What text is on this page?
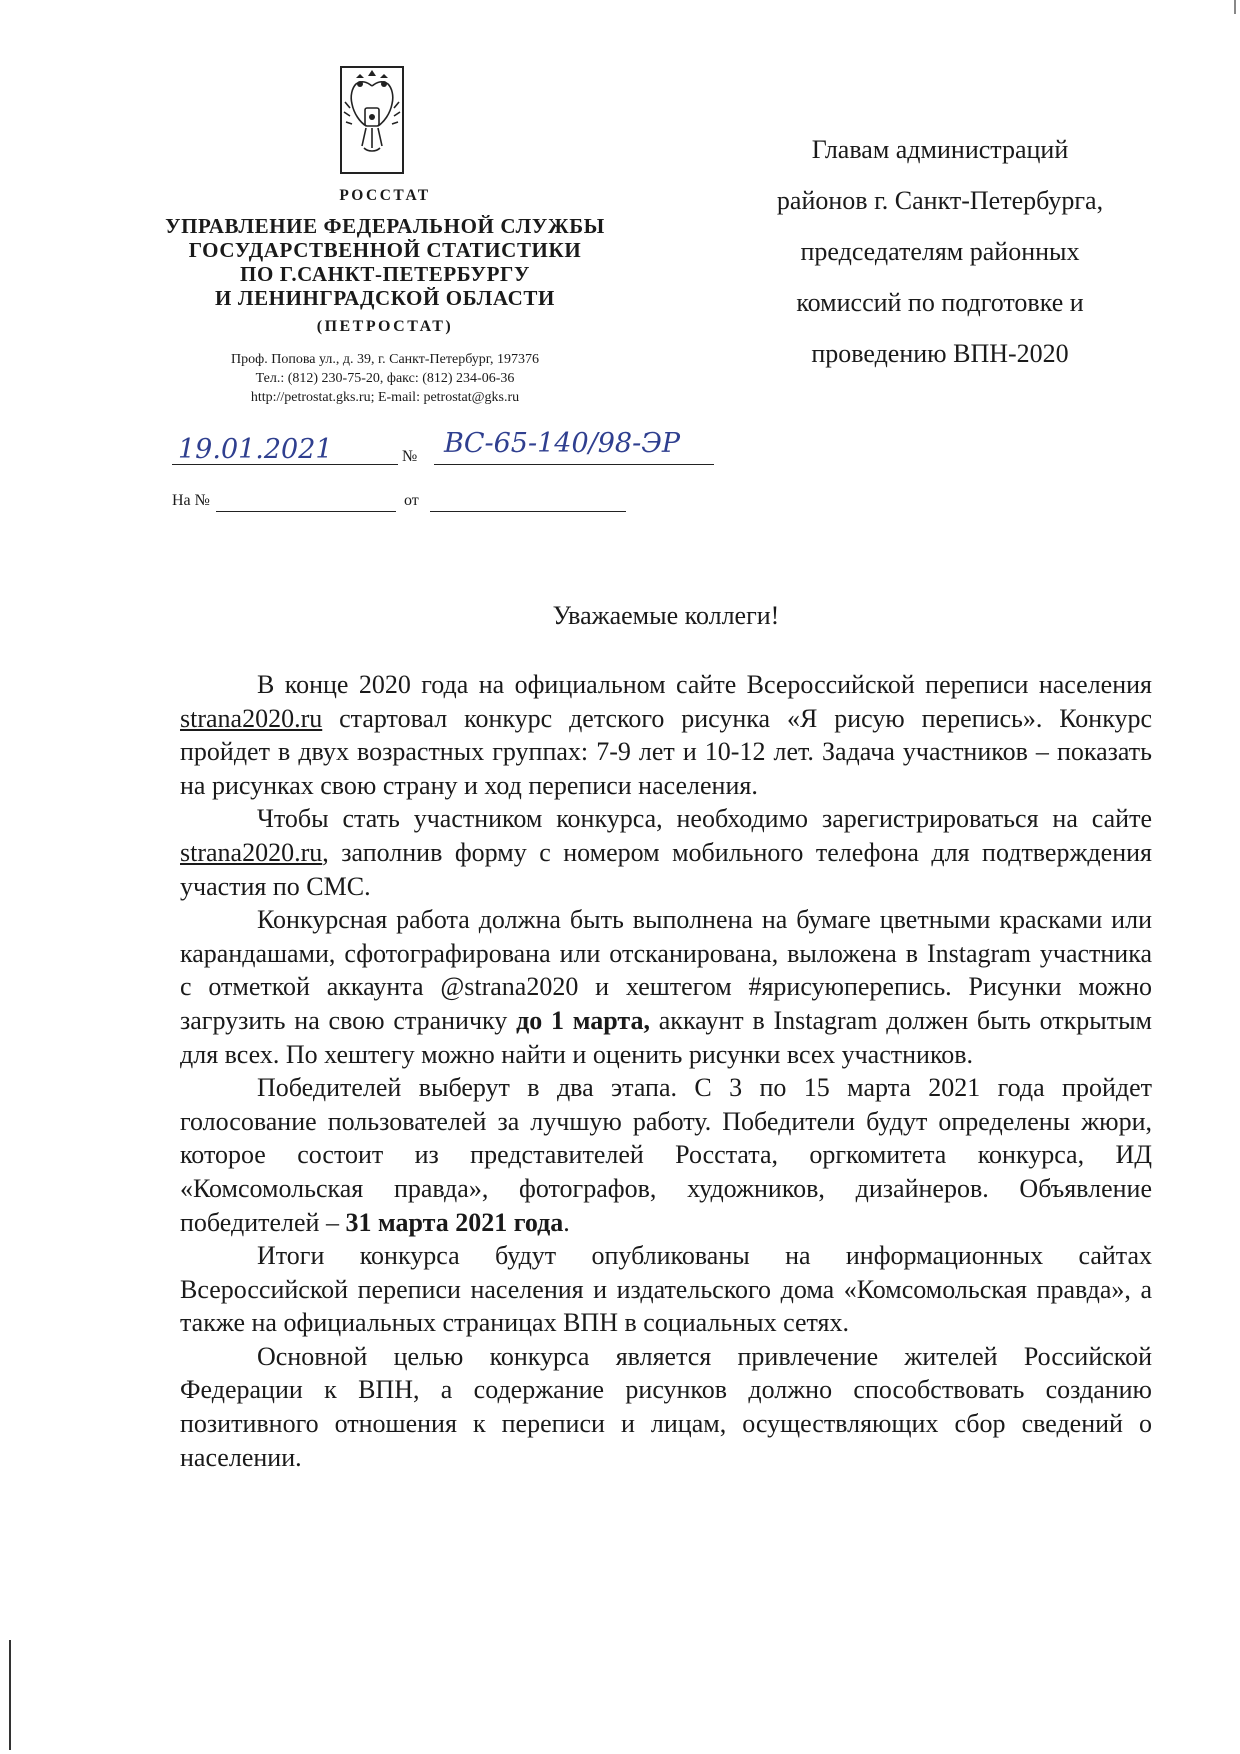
РОССТАТ
УПРАВЛЕНИЕ ФЕДЕРАЛЬНОЙ СЛУЖБЫ
ГОСУДАРСТВЕННОЙ СТАТИСТИКИ
ПО Г.САНКТ-ПЕТЕРБУРГУ
И ЛЕНИНГРАДСКОЙ ОБЛАСТИ
(ПЕТРОСТАТ)
Проф. Попова ул., д. 39, г. Санкт-Петербург, 197376
Тел.: (812) 230-75-20, факс: (812) 234-06-36
http://petrostat.gks.ru; E-mail: petrostat@gks.ru
19.01.2021	№ ВС-65-140/98-ЭР
На №	от
Главам администраций
районов г. Санкт-Петербурга,
председателям районных
комиссий по подготовке и
проведению ВПН-2020
Уважаемые коллеги!

В конце 2020 года на официальном сайте Всероссийской переписи населения strana2020.ru стартовал конкурс детского рисунка «Я рисую перепись». Конкурс пройдет в двух возрастных группах: 7-9 лет и 10-12 лет. Задача участников – показать на рисунках свою страну и ход переписи населения.

Чтобы стать участником конкурса, необходимо зарегистрироваться на сайте strana2020.ru, заполнив форму с номером мобильного телефона для подтверждения участия по СМС.

Конкурсная работа должна быть выполнена на бумаге цветными красками или карандашами, сфотографирована или отсканирована, выложена в Instagram участника с отметкой аккаунта @strana2020 и хештегом #ярисуюперепись. Рисунки можно загрузить на свою страничку до 1 марта, аккаунт в Instagram должен быть открытым для всех. По хештегу можно найти и оценить рисунки всех участников.

Победителей выберут в два этапа. С 3 по 15 марта 2021 года пройдет голосование пользователей за лучшую работу. Победители будут определены жюри, которое состоит из представителей Росстата, оргкомитета конкурса, ИД «Комсомольская правда», фотографов, художников, дизайнеров. Объявление победителей – 31 марта 2021 года.

Итоги конкурса будут опубликованы на информационных сайтах Всероссийской переписи населения и издательского дома «Комсомольская правда», а также на официальных страницах ВПН в социальных сетях.

Основной целью конкурса является привлечение жителей Российской Федерации к ВПН, а содержание рисунков должно способствовать созданию позитивного отношения к переписи и лицам, осуществляющих сбор сведений о населении.
